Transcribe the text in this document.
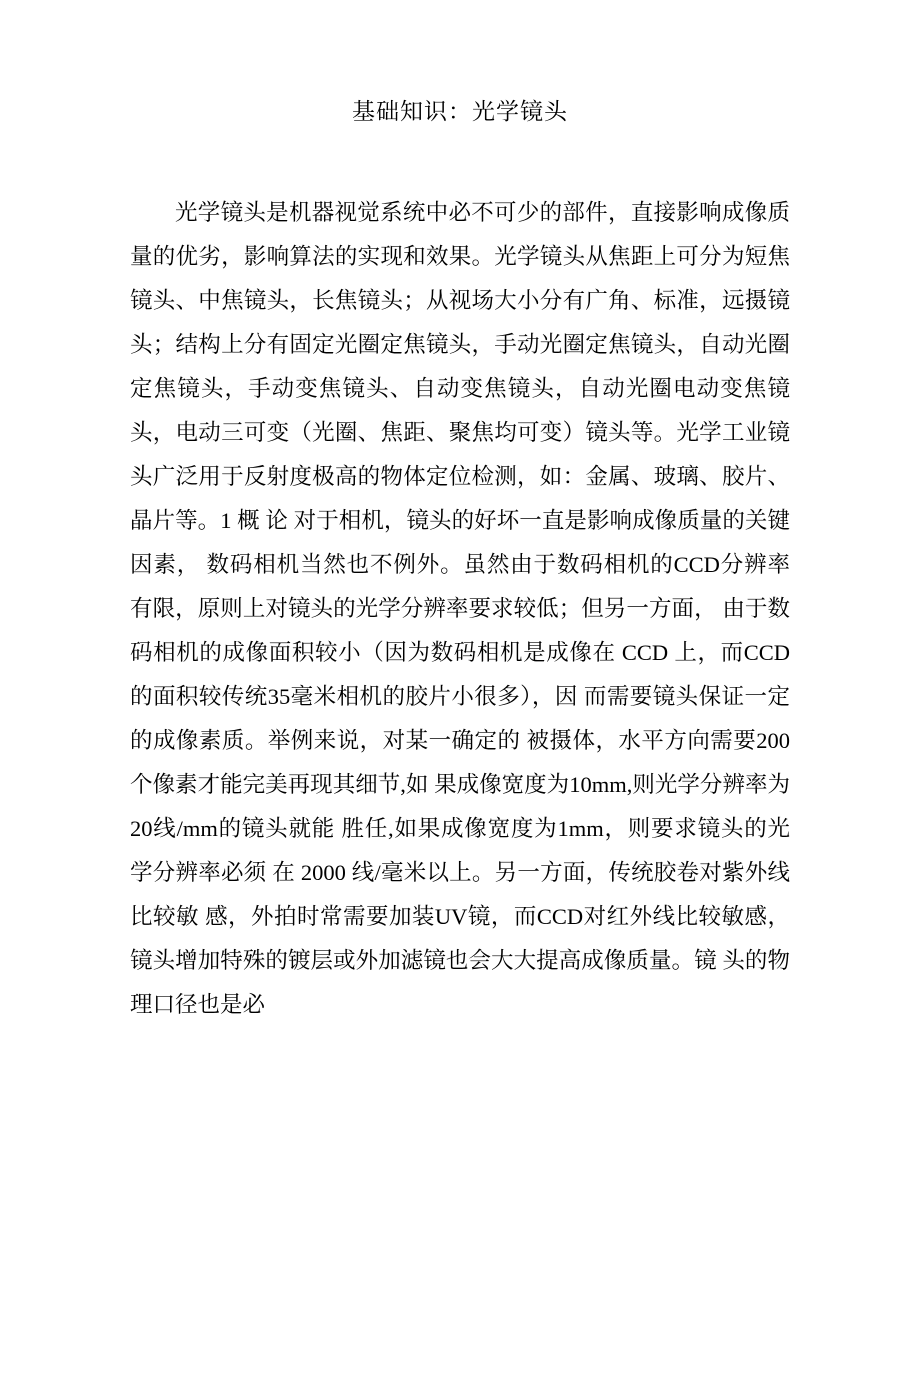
基础知识：光学镜头

光学镜头是机器视觉系统中必不可少的部件，直接影响成像质量的优劣，影响算法的实现和效果。光学镜头从焦距上可分为短焦镜头、中焦镜头，长焦镜头；从视场大小分有广角、标准，远摄镜头；结构上分有固定光圈定焦镜头，手动光圈定焦镜头，自动光圈定焦镜头，手动变焦镜头、自动变焦镜头，自动光圈电动变焦镜头，电动三可变（光圈、焦距、聚焦均可变）镜头等。光学工业镜头广泛用于反射度极高的物体定位检测，如：金属、玻璃、胶片、晶片等。1 概 论 对于相机，镜头的好坏一直是影响成像质量的关键因素， 数码相机当然也不例外。虽然由于数码相机的CCD分辨率 有限，原则上对镜头的光学分辨率要求较低；但另一方面， 由于数码相机的成像面积较小（因为数码相机是成像在 CCD 上，而CCD的面积较传统35毫米相机的胶片小很多），因 而需要镜头保证一定的成像素质。举例来说，对某一确定的 被摄体，水平方向需要200 个像素才能完美再现其细节,如 果成像宽度为10mm,则光学分辨率为20线/mm的镜头就能 胜任,如果成像宽度为1mm，则要求镜头的光学分辨率必须 在 2000 线/毫米以上。另一方面，传统胶卷对紫外线比较敏 感，外拍时常需要加装UV镜，而CCD对红外线比较敏感， 镜头增加特殊的镀层或外加滤镜也会大大提高成像质量。镜 头的物理口径也是必
